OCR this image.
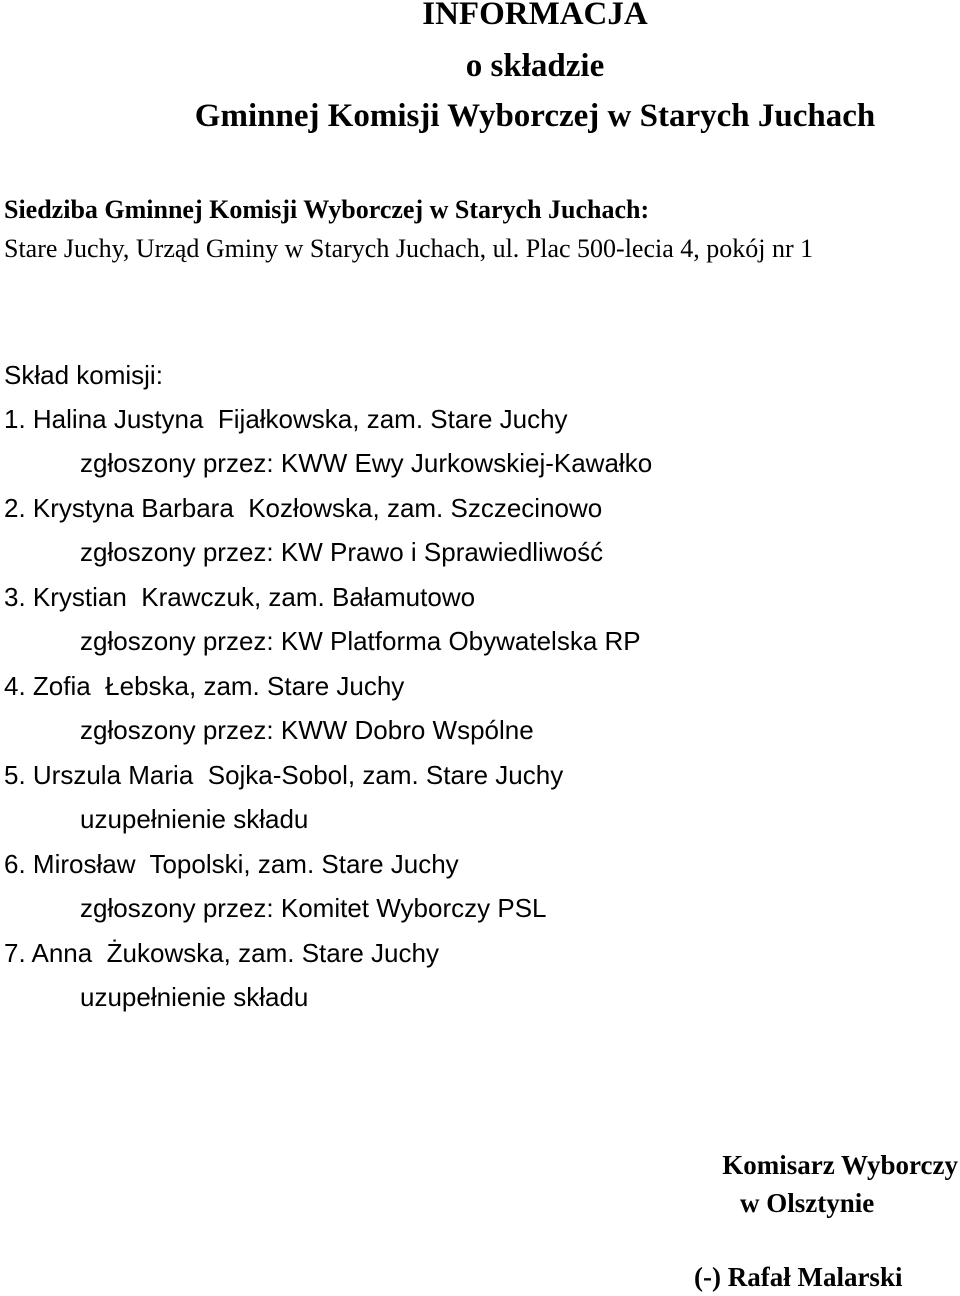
INFORMACJA
o składzie
Gminnej Komisji Wyborczej w Starych Juchach
Siedziba Gminnej Komisji Wyborczej w Starych Juchach:
Stare Juchy, Urząd Gminy w Starych Juchach, ul. Plac 500-lecia 4, pokój nr 1
Skład komisji:
1. Halina Justyna  Fijałkowska, zam. Stare Juchy
zgłoszony przez: KWW Ewy Jurkowskiej-Kawałko
2. Krystyna Barbara  Kozłowska, zam. Szczecinowo
zgłoszony przez: KW Prawo i Sprawiedliwość
3. Krystian  Krawczuk, zam. Bałamutowo
zgłoszony przez: KW Platforma Obywatelska RP
4. Zofia  Łebska, zam. Stare Juchy
zgłoszony przez: KWW Dobro Wspólne
5. Urszula Maria  Sojka-Sobol, zam. Stare Juchy
uzupełnienie składu
6. Mirosław  Topolski, zam. Stare Juchy
zgłoszony przez: Komitet Wyborczy PSL
7. Anna  Żukowska, zam. Stare Juchy
uzupełnienie składu
Komisarz Wyborczy
w Olsztynie
(-) Rafał Malarski
